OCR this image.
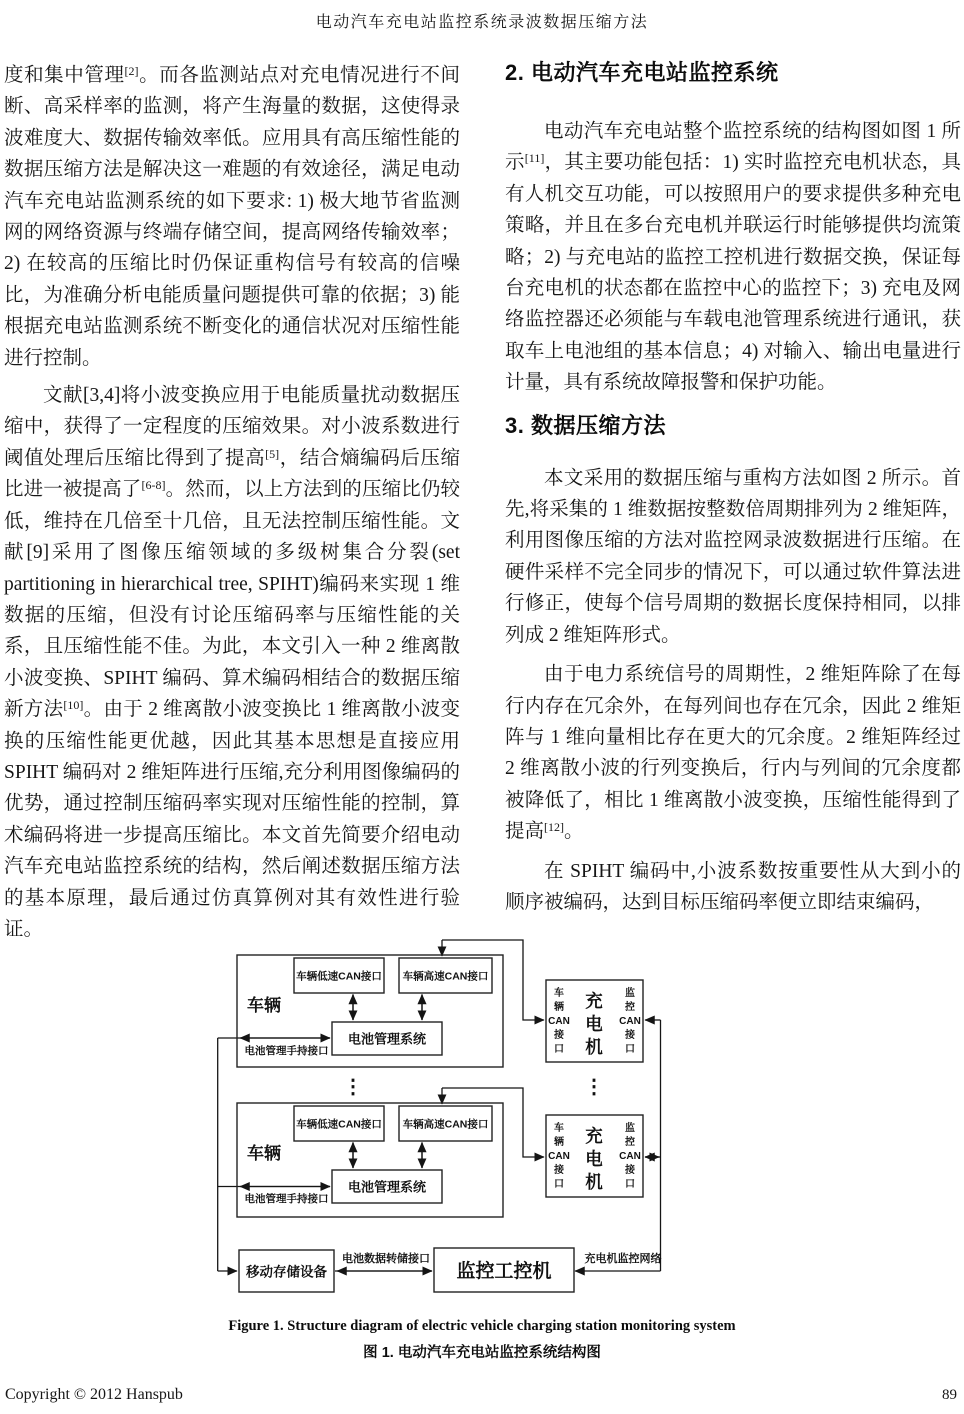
电动汽车充电站监控系统录波数据压缩方法

度和集中管理[2]。而各监测站点对充电情况进行不间断、高采样率的监测，将产生海量的数据，这使得录波难度大、数据传输效率低。应用具有高压缩性能的数据压缩方法是解决这一难题的有效途径，满足电动汽车充电站监测系统的如下要求: 1) 极大地节省监测网的网络资源与终端存储空间，提高网络传输效率；2) 在较高的压缩比时仍保证重构信号有较高的信噪比，为准确分析电能质量问题提供可靠的依据；3) 能根据充电站监测系统不断变化的通信状况对压缩性能进行控制。

文献[3,4]将小波变换应用于电能质量扰动数据压缩中，获得了一定程度的压缩效果。对小波系数进行阈值处理后压缩比得到了提高[5]，结合熵编码后压缩比进一被提高了[6-8]。然而，以上方法到的压缩比仍较低，维持在几倍至十几倍，且无法控制压缩性能。文献[9]采用了图像压缩领域的多级树集合分裂(set partitioning in hierarchical tree, SPIHT)编码来实现 1 维数据的压缩，但没有讨论压缩码率与压缩性能的关系，且压缩性能不佳。为此，本文引入一种 2 维离散小波变换、SPIHT 编码、算术编码相结合的数据压缩新方法[10]。由于 2 维离散小波变换比 1 维离散小波变换的压缩性能更优越，因此其基本思想是直接应用 SPIHT 编码对 2 维矩阵进行压缩,充分利用图像编码的优势，通过控制压缩码率实现对压缩性能的控制，算术编码将进一步提高压缩比。本文首先简要介绍电动汽车充电站监控系统的结构，然后阐述数据压缩方法的基本原理，最后通过仿真算例对其有效性进行验证。

2. 电动汽车充电站监控系统

电动汽车充电站整个监控系统的结构图如图 1 所示[11]，其主要功能包括：1) 实时监控充电机状态，具有人机交互功能，可以按照用户的要求提供多种充电策略，并且在多台充电机并联运行时能够提供均流策略；2) 与充电站的监控工控机进行数据交换，保证每台充电机的状态都在监控中心的监控下；3) 充电及网络监控器还必须能与车载电池管理系统进行通讯，获取车上电池组的基本信息；4) 对输入、输出电量进行计量，具有系统故障报警和保护功能。

3. 数据压缩方法

本文采用的数据压缩与重构方法如图 2 所示。首先,将采集的 1 维数据按整数倍周期排列为 2 维矩阵，利用图像压缩的方法对监控网录波数据进行压缩。在硬件采样不完全同步的情况下，可以通过软件算法进行修正，使每个信号周期的数据长度保持相同，以排列成 2 维矩阵形式。

由于电力系统信号的周期性，2 维矩阵除了在每行内存在冗余外，在每列间也存在冗余，因此 2 维矩阵与 1 维向量相比存在更大的冗余度。2 维矩阵经过 2 维离散小波的行列变换后，行内与列间的冗余度都被降低了，相比 1 维离散小波变换，压缩性能得到了提高[12]。

在 SPIHT 编码中,小波系数按重要性从大到小的顺序被编码，达到目标压缩码率便立即结束编码，

车辆
车辆低速CAN接口 车辆高速CAN接口
电池管理系统
电池管理手持接口
车辆
车辆低速CAN接口 车辆高速CAN接口
电池管理系统
电池管理手持接口
车
辆
CAN
接
口
充
电
机
监
控
CAN
接
口
车
辆
CAN
接
口
充
电
机
监
控
CAN
接
口
⋮	⋮
移动存储设备	监控工控机
电池数据转储接口	充电机监控网络
Figure 1. Structure diagram of electric vehicle charging station monitoring system
图 1. 电动汽车充电站监控系统结构图
Copyright © 2012 Hanspub	89
